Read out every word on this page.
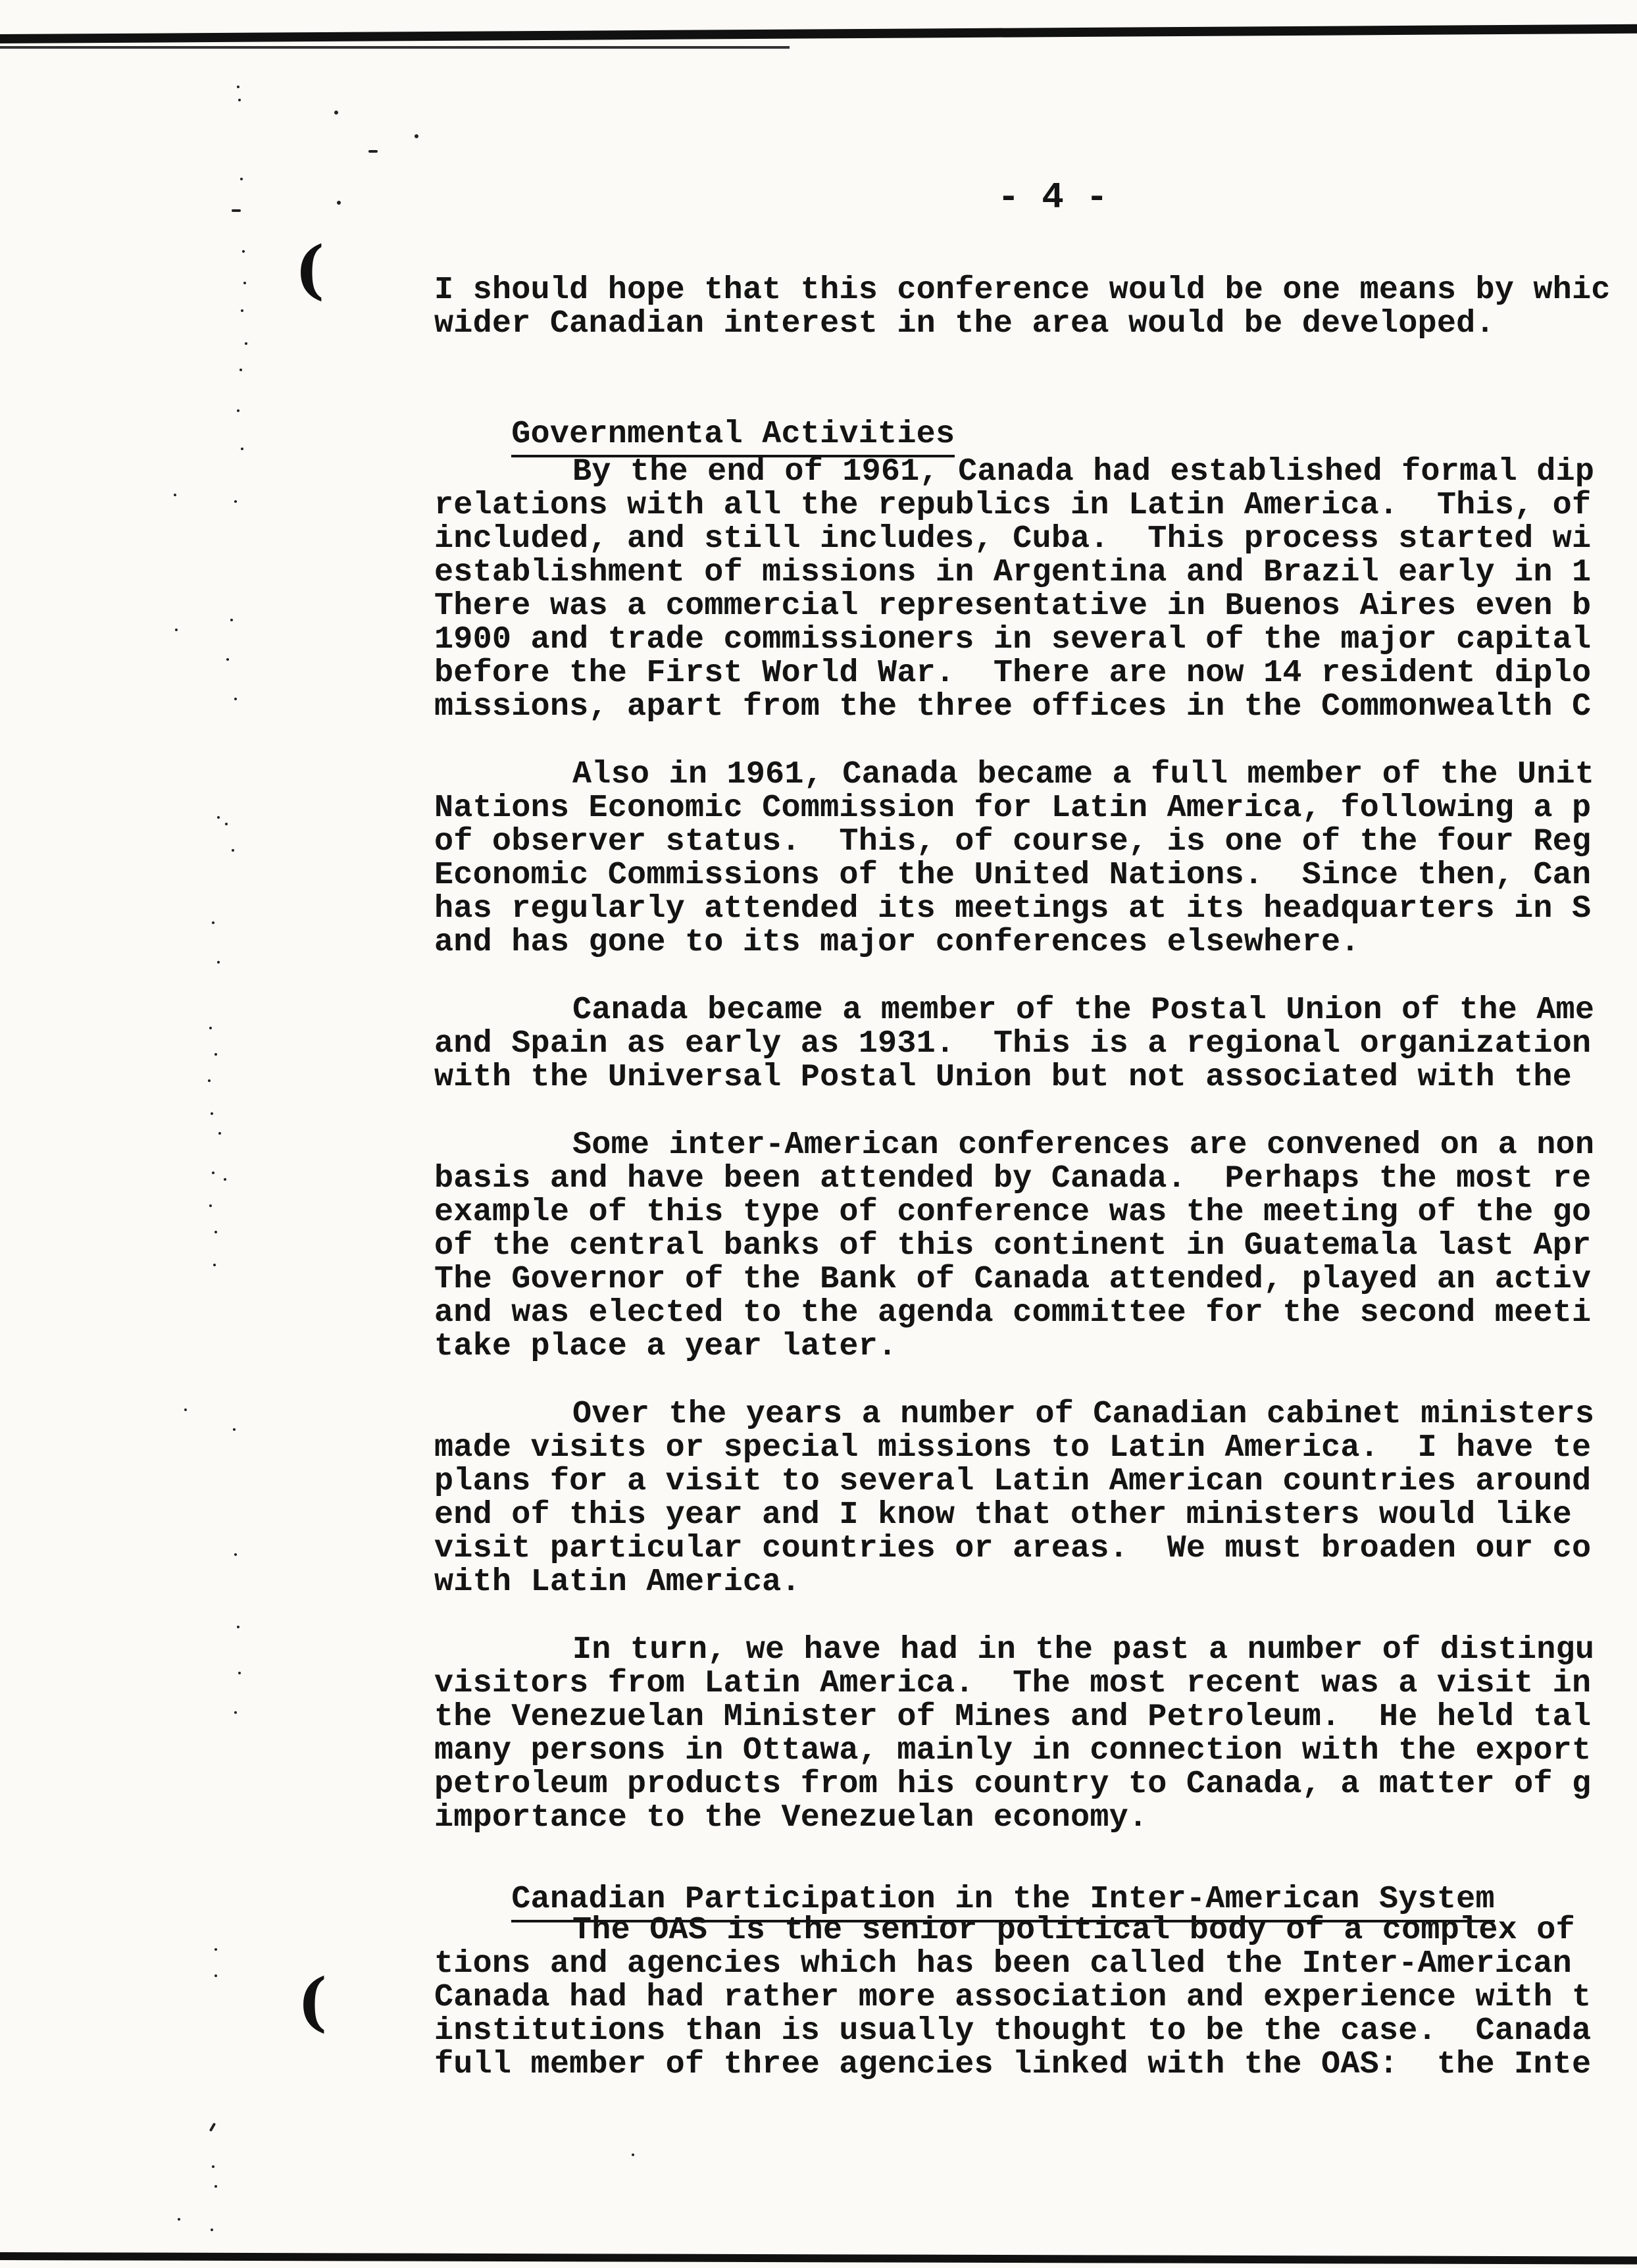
(
(
- 4 -
I should hope that this conference would be one means by whic
wider Canadian interest in the area would be developed.

Governmental Activities

By the end of 1961, Canada had established formal dip
relations with all the republics in Latin America.  This, of
included, and still includes, Cuba.  This process started wi
establishment of missions in Argentina and Brazil early in 1
There was a commercial representative in Buenos Aires even b
1900 and trade commissioners in several of the major capital
before the First World War.  There are now 14 resident diplo
missions, apart from the three offices in the Commonwealth C
Also in 1961, Canada became a full member of the Unit
Nations Economic Commission for Latin America, following a p
of observer status.  This, of course, is one of the four Reg
Economic Commissions of the United Nations.  Since then, Can
has regularly attended its meetings at its headquarters in S
and has gone to its major conferences elsewhere.
Canada became a member of the Postal Union of the Ame
and Spain as early as 1931.  This is a regional organization
with the Universal Postal Union but not associated with the
Some inter-American conferences are convened on a non
basis and have been attended by Canada.  Perhaps the most re
example of this type of conference was the meeting of the go
of the central banks of this continent in Guatemala last Apr
The Governor of the Bank of Canada attended, played an activ
and was elected to the agenda committee for the second meeti
take place a year later.
Over the years a number of Canadian cabinet ministers
made visits or special missions to Latin America.  I have te
plans for a visit to several Latin American countries around
end of this year and I know that other ministers would like
visit particular countries or areas.  We must broaden our co
with Latin America.
In turn, we have had in the past a number of distingu
visitors from Latin America.  The most recent was a visit in
the Venezuelan Minister of Mines and Petroleum.  He held tal
many persons in Ottawa, mainly in connection with the export
petroleum products from his country to Canada, a matter of g
importance to the Venezuelan economy.

Canadian Participation in the Inter-American System

The OAS is the senior political body of a complex of
tions and agencies which has been called the Inter-American
Canada had had rather more association and experience with t
institutions than is usually thought to be the case.  Canada
full member of three agencies linked with the OAS:  the Inte
